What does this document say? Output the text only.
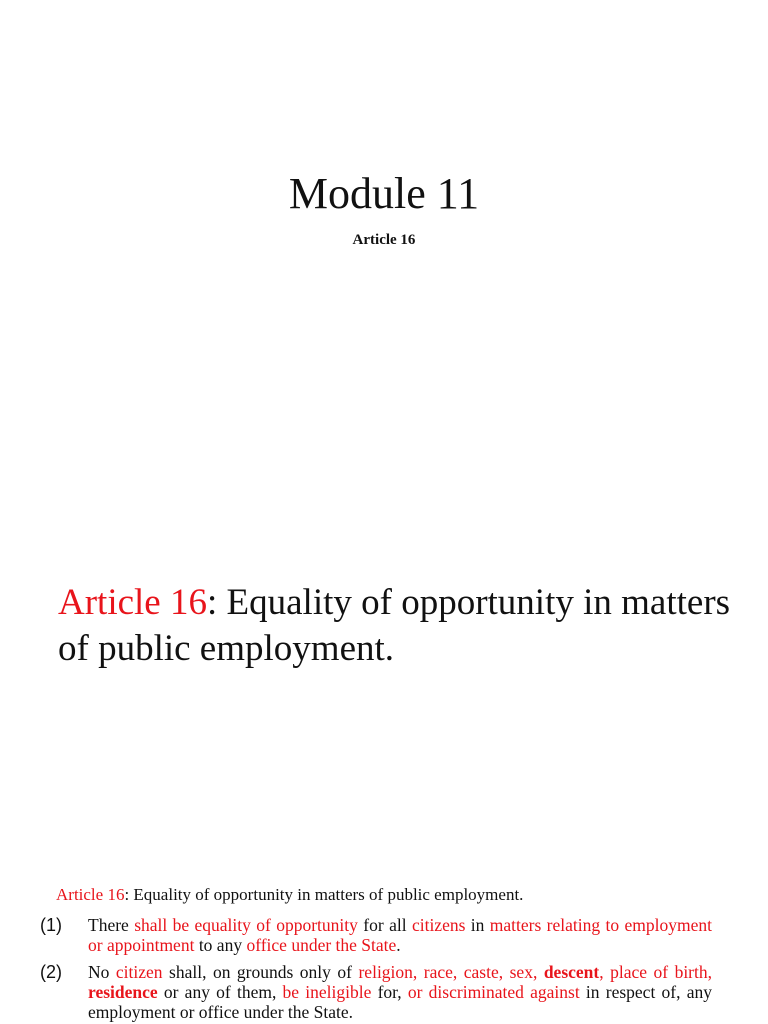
Module 11
Article 16
Article 16: Equality of opportunity in matters of public employment.
Article 16: Equality of opportunity in matters of public employment.
(1)	There shall be equality of opportunity for all citizens in matters relating to employment or appointment to any office under the State.
(2)	No citizen shall, on grounds only of religion, race, caste, sex, descent, place of birth, residence or any of them, be ineligible for, or discriminated against in respect of, any employment or office under the State.
